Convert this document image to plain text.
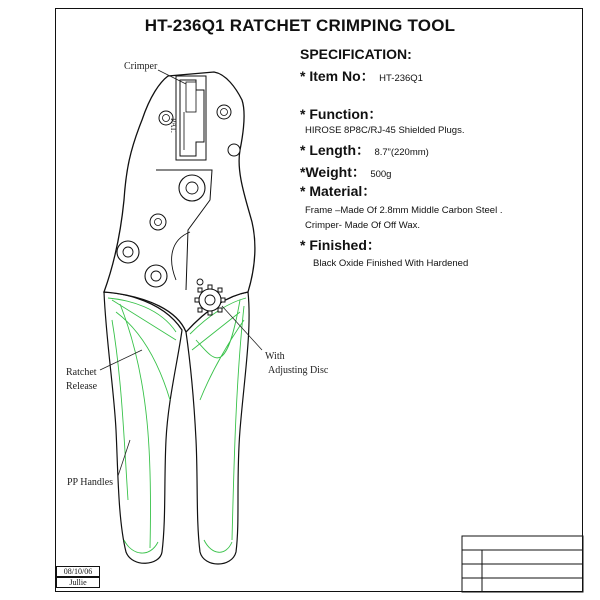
HT-236Q1 RATCHET CRIMPING TOOL
SPECIFICATION:
* Item No： HT-236Q1
* Function：
HIROSE 8P8C/RJ-45 Shielded Plugs.
* Length： 8.7”(220mm)
*Weight： 500g
* Material：
Frame –Made Of 2.8mm Middle Carbon Steel .
Crimper- Made Of Off Wax.
* Finished：
Black Oxide Finished With Hardened
PAT.
Crimper
Ratchet
Release
With
Adjusting Disc
PP Handles
08/10/06
Jullie
